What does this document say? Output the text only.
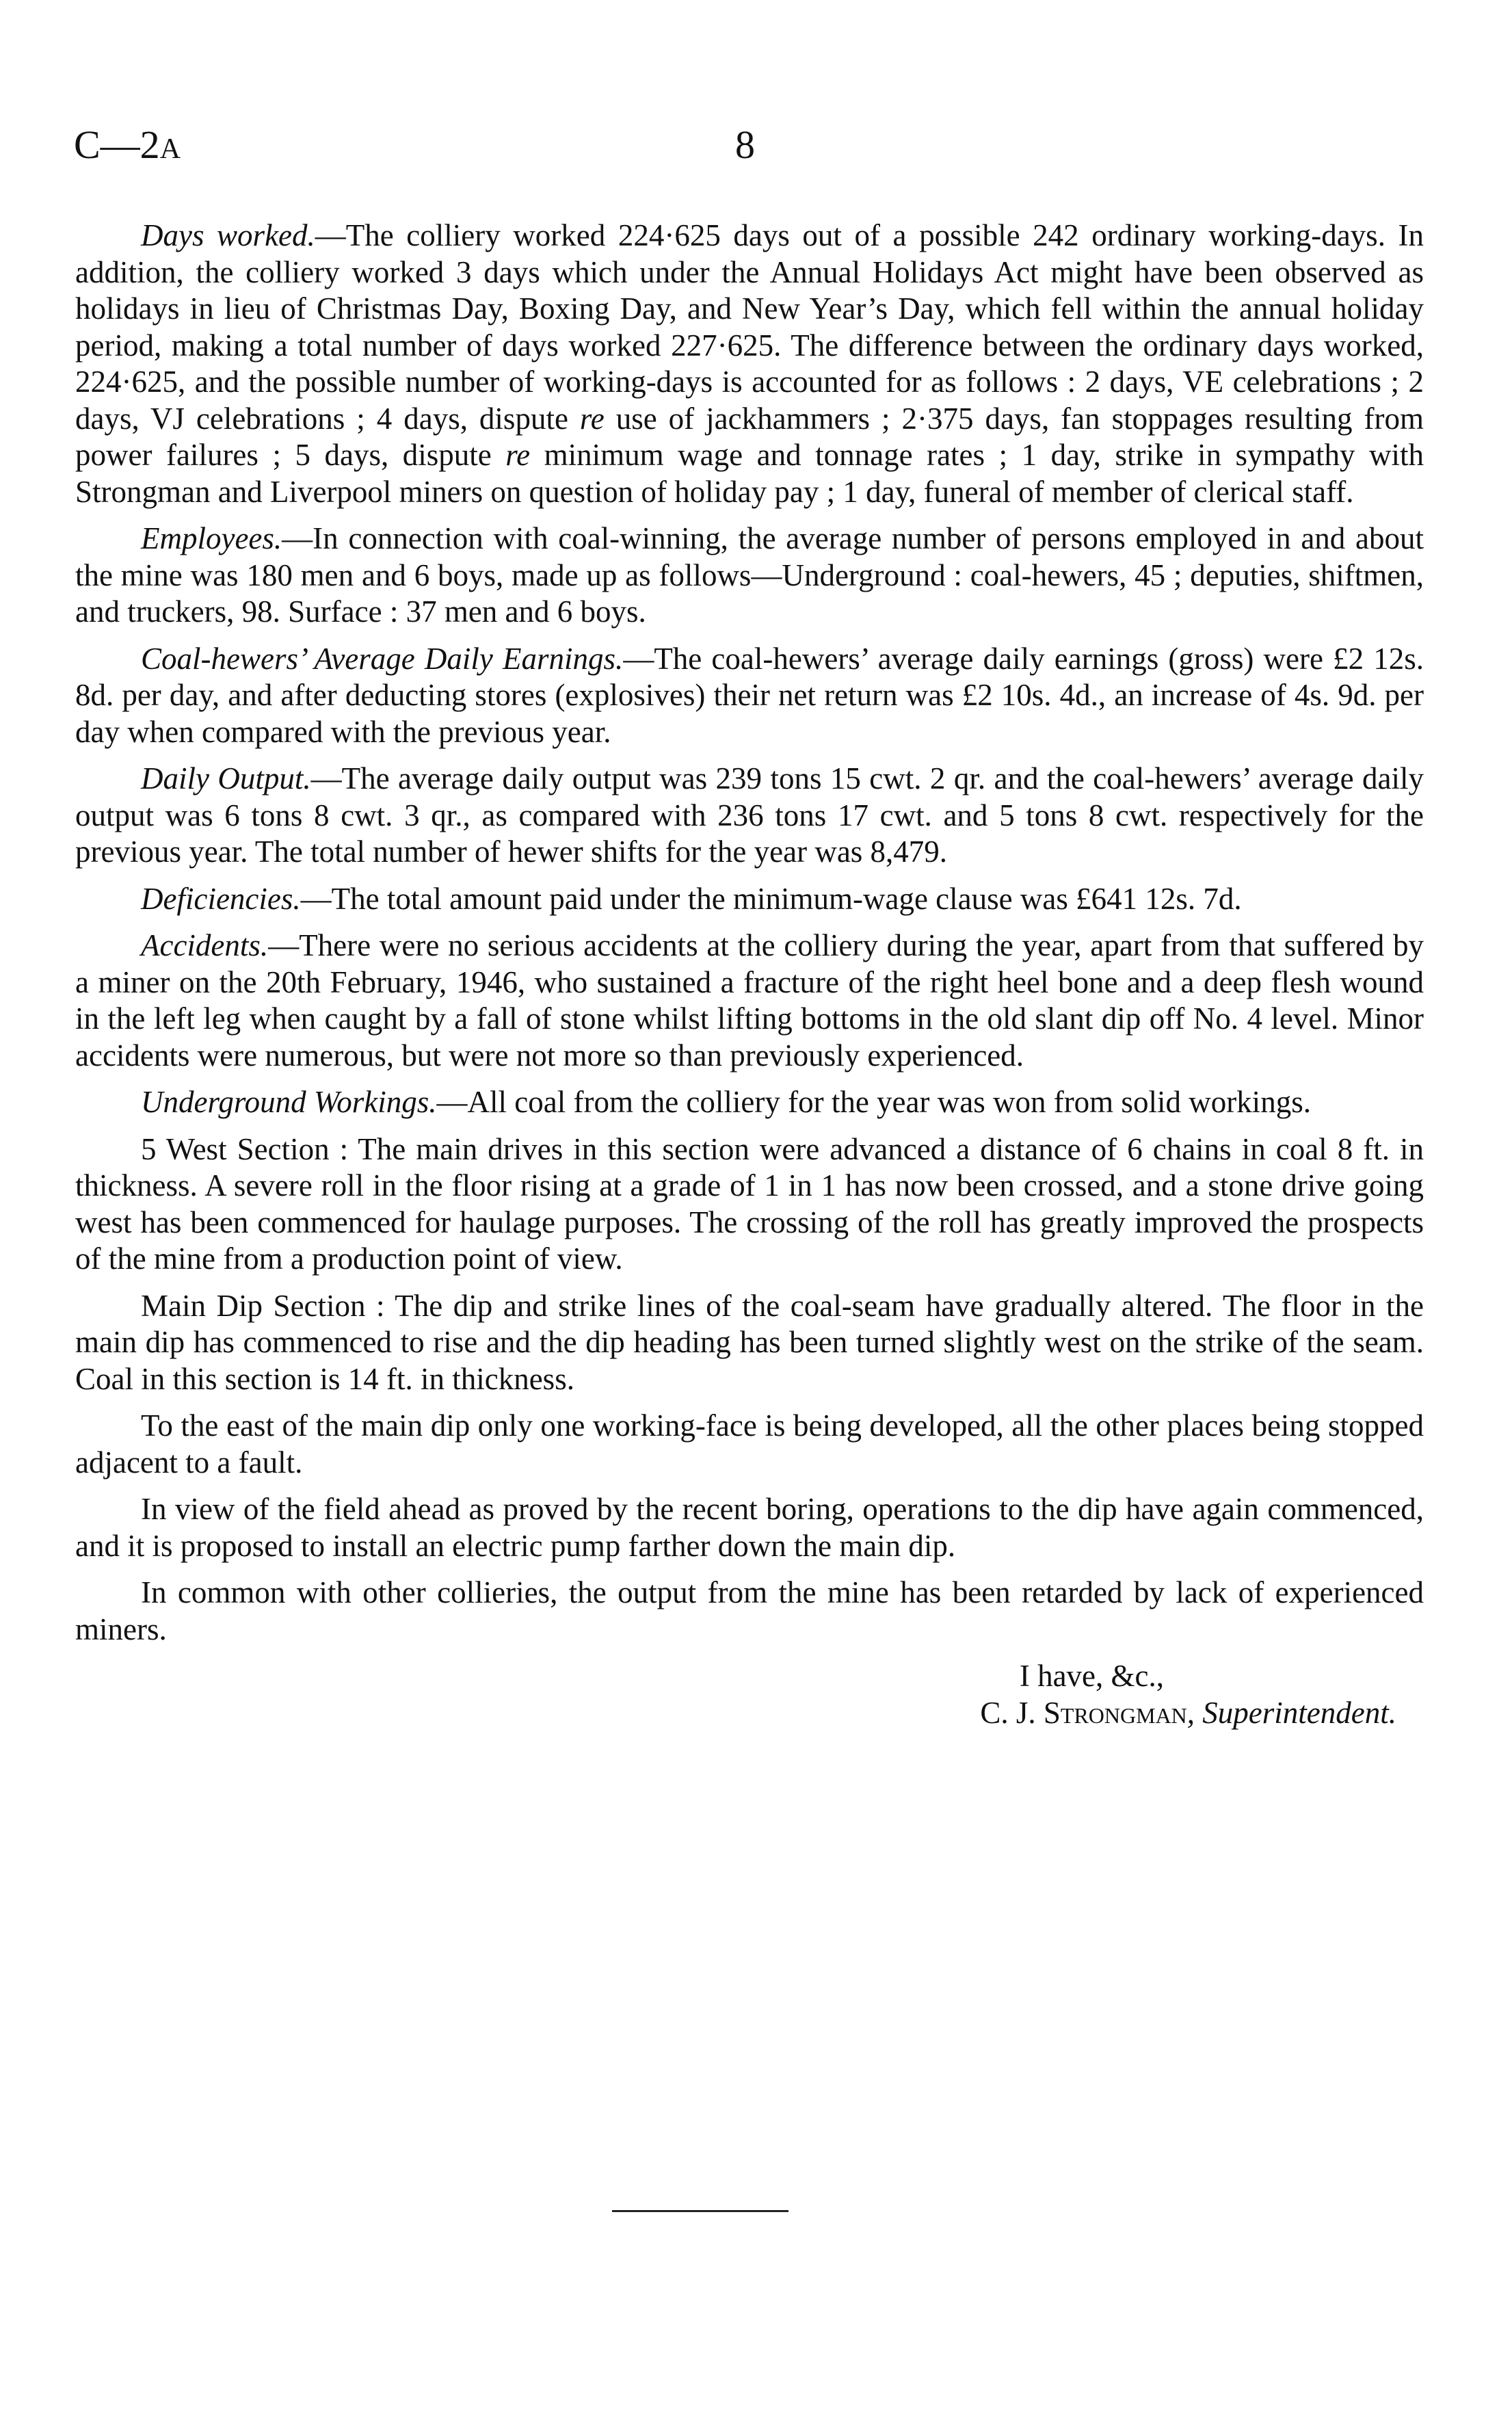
C—2A	8

Days worked.—The colliery worked 224·625 days out of a possible 242 ordinary working-days. In addition, the colliery worked 3 days which under the Annual Holidays Act might have been observed as holidays in lieu of Christmas Day, Boxing Day, and New Year’s Day, which fell within the annual holiday period, making a total number of days worked 227·625. The difference between the ordinary days worked, 224·625, and the possible number of working-days is accounted for as follows : 2 days, VE celebrations ; 2 days, VJ celebrations ; 4 days, dispute re use of jackhammers ; 2·375 days, fan stoppages resulting from power failures ; 5 days, dispute re minimum wage and tonnage rates ; 1 day, strike in sympathy with Strongman and Liverpool miners on question of holiday pay ; 1 day, funeral of member of clerical staff.

Employees.—In connection with coal-winning, the average number of persons employed in and about the mine was 180 men and 6 boys, made up as follows—Underground : coal-hewers, 45 ; deputies, shiftmen, and truckers, 98. Surface : 37 men and 6 boys.

Coal-hewers’ Average Daily Earnings.—The coal-hewers’ average daily earnings (gross) were £2 12s. 8d. per day, and after deducting stores (explosives) their net return was £2 10s. 4d., an increase of 4s. 9d. per day when compared with the previous year.

Daily Output.—The average daily output was 239 tons 15 cwt. 2 qr. and the coal-hewers’ average daily output was 6 tons 8 cwt. 3 qr., as compared with 236 tons 17 cwt. and 5 tons 8 cwt. respectively for the previous year. The total number of hewer shifts for the year was 8,479.

Deficiencies.—The total amount paid under the minimum-wage clause was £641 12s. 7d.

Accidents.—There were no serious accidents at the colliery during the year, apart from that suffered by a miner on the 20th February, 1946, who sustained a fracture of the right heel bone and a deep flesh wound in the left leg when caught by a fall of stone whilst lifting bottoms in the old slant dip off No. 4 level. Minor accidents were numerous, but were not more so than previously experienced.

Underground Workings.—All coal from the colliery for the year was won from solid workings.

5 West Section : The main drives in this section were advanced a distance of 6 chains in coal 8 ft. in thickness. A severe roll in the floor rising at a grade of 1 in 1 has now been crossed, and a stone drive going west has been commenced for haulage purposes. The crossing of the roll has greatly improved the prospects of the mine from a production point of view.

Main Dip Section : The dip and strike lines of the coal-seam have gradually altered. The floor in the main dip has commenced to rise and the dip heading has been turned slightly west on the strike of the seam. Coal in this section is 14 ft. in thickness.

To the east of the main dip only one working-face is being developed, all the other places being stopped adjacent to a fault.

In view of the field ahead as proved by the recent boring, operations to the dip have again commenced, and it is proposed to install an electric pump farther down the main dip.

In common with other collieries, the output from the mine has been retarded by lack of experienced miners.

I have, &c.,

C. J. Strongman, Superintendent.
